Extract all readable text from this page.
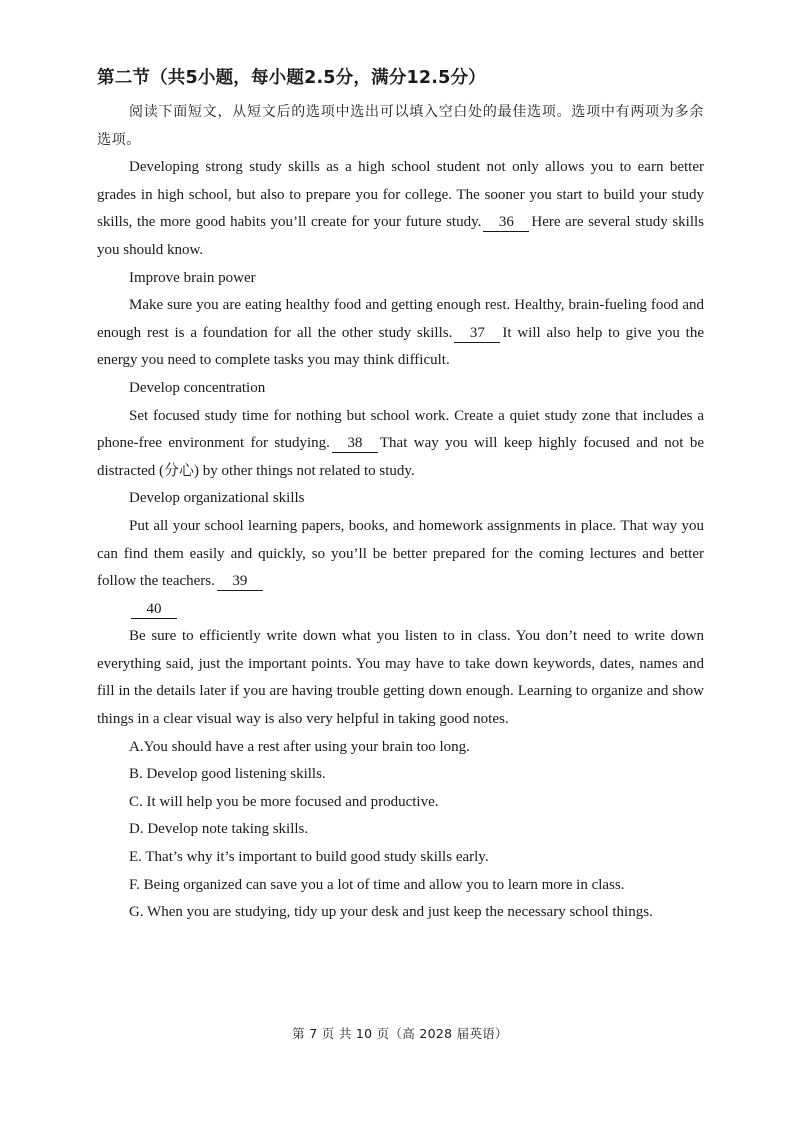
第二节（共5小题，每小题2.5分，满分12.5分）

阅读下面短文，从短文后的选项中选出可以填入空白处的最佳选项。选项中有两项为多余选项。

Developing strong study skills as a high school student not only allows you to earn better grades in high school, but also to prepare you for college. The sooner you start to build your study skills, the more good habits you’ll create for your future study. 36 Here are several study skills you should know.

Improve brain power

Make sure you are eating healthy food and getting enough rest. Healthy, brain-fueling food and enough rest is a foundation for all the other study skills. 37 It will also help to give you the energy you need to complete tasks you may think difficult.

Develop concentration

Set focused study time for nothing but school work. Create a quiet study zone that includes a phone-free environment for studying. 38 That way you will keep highly focused and not be distracted (分心) by other things not related to study.

Develop organizational skills

Put all your school learning papers, books, and homework assignments in place. That way you can find them easily and quickly, so you’ll be better prepared for the coming lectures and better follow the teachers. 39

40

Be sure to efficiently write down what you listen to in class. You don’t need to write down everything said, just the important points. You may have to take down keywords, dates, names and fill in the details later if you are having trouble getting down enough. Learning to organize and show things in a clear visual way is also very helpful in taking good notes.

A.You should have a rest after using your brain too long.

B. Develop good listening skills.

C. It will help you be more focused and productive.

D. Develop note taking skills.

E. That’s why it’s important to build good study skills early.

F. Being organized can save you a lot of time and allow you to learn more in class.

G. When you are studying, tidy up your desk and just keep the necessary school things.

第 7 页 共 10 页（高 2028 届英语）
